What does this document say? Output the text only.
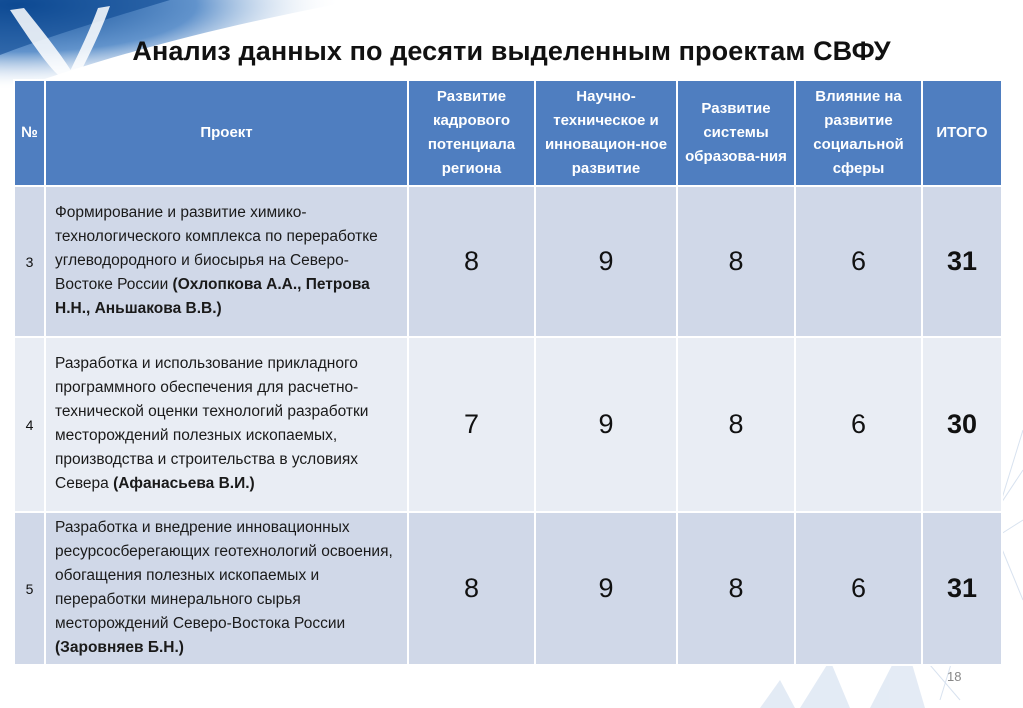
Анализ данных по десяти выделенным проектам СВФУ
№	Проект	Развитие кадрового потенциала региона	Научно-техническое и инновацион-ное развитие	Развитие системы образова-ния	Влияние на развитие социальной сферы	ИТОГО
3	Формирование и развитие химико-технологического комплекса по переработке углеводородного и биосырья на Северо-Востоке России (Охлопкова А.А., Петрова Н.Н., Аньшакова В.В.)	8	9	8	6	31
4	Разработка и использование прикладного программного обеспечения для расчетно-технической оценки технологий разработки месторождений полезных ископаемых, производства и строительства в условиях Севера (Афанасьева В.И.)	7	9	8	6	30
5	Разработка и внедрение инновационных ресурсосберегающих геотехнологий освоения, обогащения полезных ископаемых и переработки минерального сырья месторождений Северо-Востока России (Заровняев Б.Н.)	8	9	8	6	31
18
